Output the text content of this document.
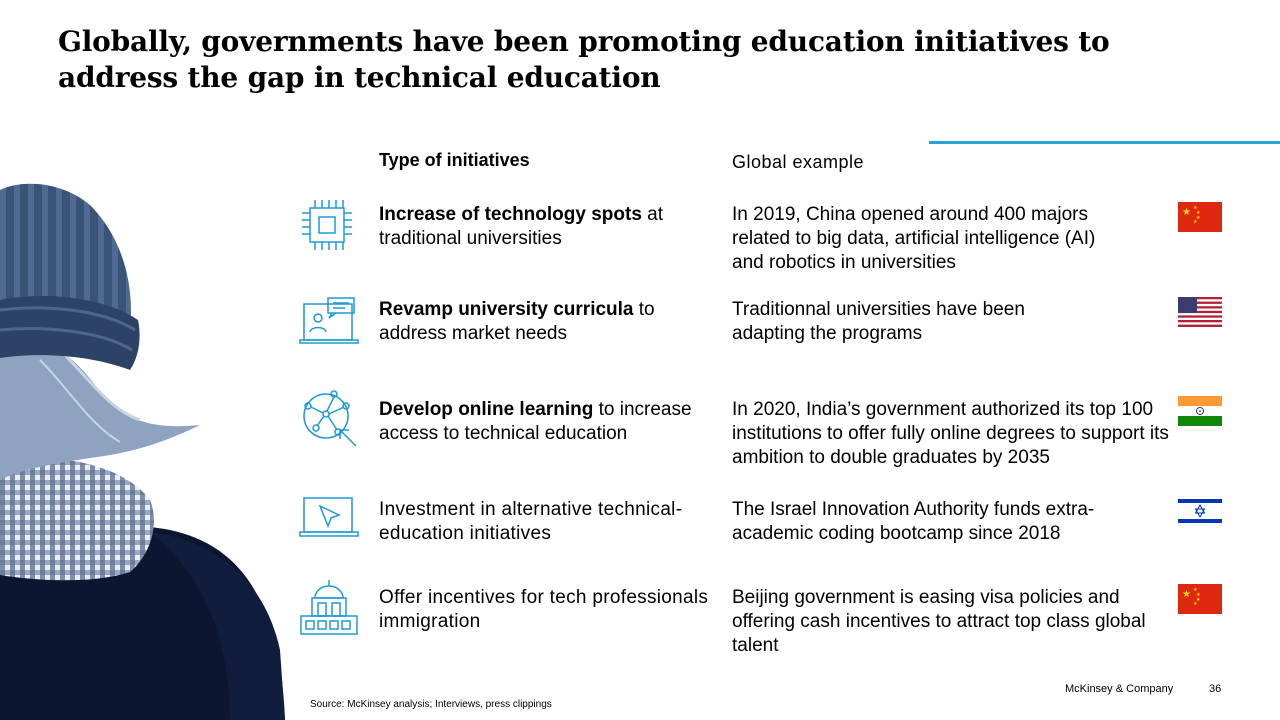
Globally, governments have been promoting education initiatives to address the gap in technical education
Source: McKinsey analysis
Type of initiatives	Global example
Increase of technology spots at traditional universities
In 2019, China opened around 400 majors related to big data, artificial intelligence (AI) and robotics in universities
★ ★
★
★
★
Revamp university curricula to address market needs
Traditionnal universities have been adapting the programs
Develop online learning to increase access to technical education
In 2020, India’s government authorized its top 100 institutions to offer fully online degrees to support its ambition to double graduates by 2035
Investment in alternative technical-education initiatives
The Israel Innovation Authority funds extra-academic coding bootcamp since 2018
Offer incentives for tech professionals immigration
Beijing government is easing visa policies and offering cash incentives to attract top class global talent
★ ★
★
★
★
Source: McKinsey analysis; Interviews, press clippings
McKinsey & Company	36
